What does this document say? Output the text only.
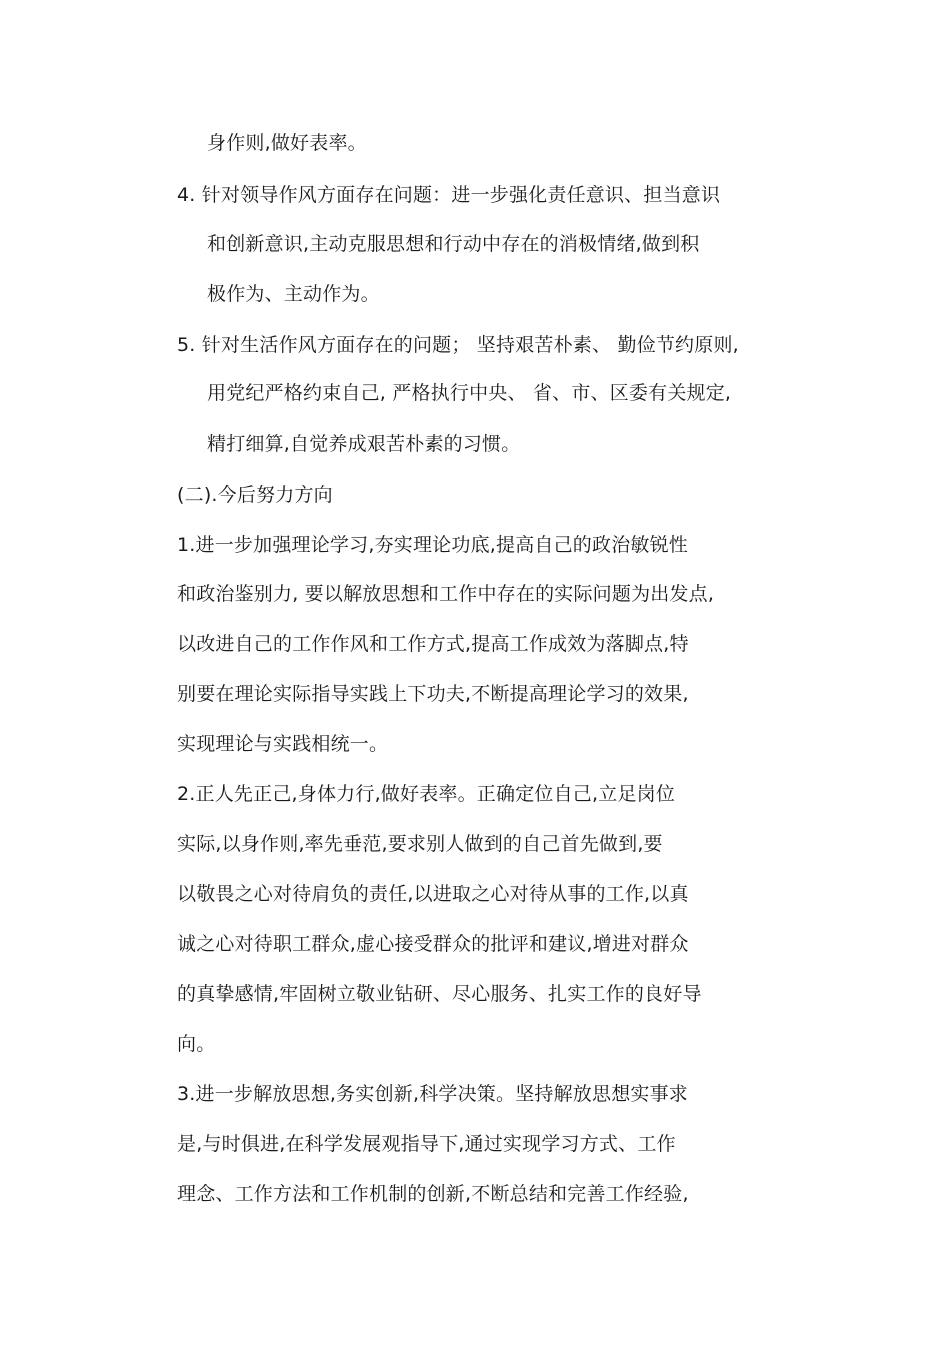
身作则,做好表率。
4. 针对领导作风方面存在问题：进一步强化责任意识、担当意识
和创新意识,主动克服思想和行动中存在的消极情绪,做到积
极作为、主动作为。
5. 针对生活作风方面存在的问题； 坚持艰苦朴素、 勤俭节约原则,
用党纪严格约束自己, 严格执行中央、 省、市、区委有关规定,
精打细算,自觉养成艰苦朴素的习惯。
(二).今后努力方向
1.进一步加强理论学习,夯实理论功底,提高自己的政治敏锐性
和政治鉴别力, 要以解放思想和工作中存在的实际问题为出发点,
以改进自己的工作作风和工作方式,提高工作成效为落脚点,特
别要在理论实际指导实践上下功夫,不断提高理论学习的效果,
实现理论与实践相统一。
2.正人先正己,身体力行,做好表率。正确定位自己,立足岗位
实际,以身作则,率先垂范,要求别人做到的自己首先做到,要
以敬畏之心对待肩负的责任,以进取之心对待从事的工作,以真
诚之心对待职工群众,虚心接受群众的批评和建议,增进对群众
的真挚感情,牢固树立敬业钻研、尽心服务、扎实工作的良好导
向。
3.进一步解放思想,务实创新,科学决策。坚持解放思想实事求
是,与时俱进,在科学发展观指导下,通过实现学习方式、工作
理念、工作方法和工作机制的创新,不断总结和完善工作经验,
